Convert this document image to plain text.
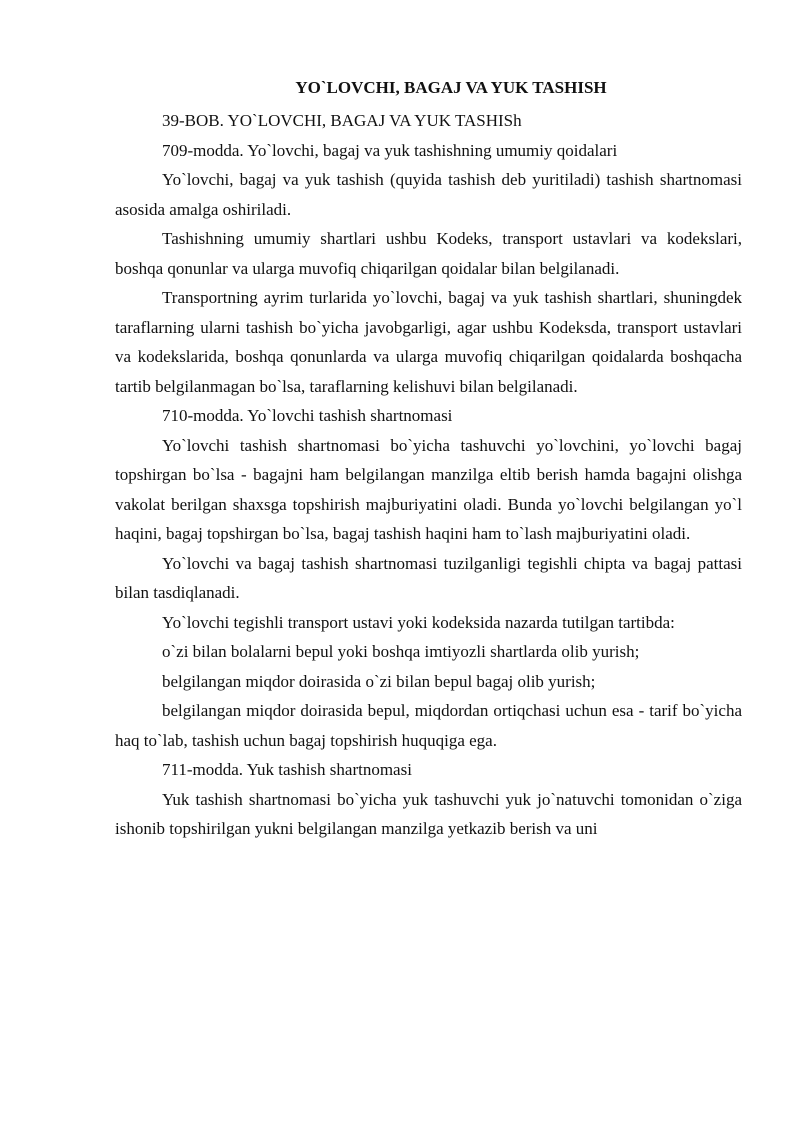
YO`LOVCHI, BAGAJ VA YUK TASHISH

39-BOB. YO`LOVCHI, BAGAJ VA YUK TASHISh

709-modda. Yo`lovchi, bagaj va yuk tashishning umumiy qoidalari

Yo`lovchi, bagaj va yuk tashish (quyida tashish deb yuritiladi) tashish shartnomasi asosida amalga oshiriladi.

Tashishning umumiy shartlari ushbu Kodeks, transport ustavlari va kodekslari, boshqa qonunlar va ularga muvofiq chiqarilgan qoidalar bilan belgilanadi.

Transportning ayrim turlarida yo`lovchi, bagaj va yuk tashish shartlari, shuningdek taraflarning ularni tashish bo`yicha javobgarligi, agar ushbu Kodeksda, transport ustavlari va kodekslarida, boshqa qonunlarda va ularga muvofiq chiqarilgan qoidalarda boshqacha tartib belgilanmagan bo`lsa, taraflarning kelishuvi bilan belgilanadi.

710-modda. Yo`lovchi tashish shartnomasi

Yo`lovchi tashish shartnomasi bo`yicha tashuvchi yo`lovchini, yo`lovchi bagaj topshirgan bo`lsa - bagajni ham belgilangan manzilga eltib berish hamda bagajni olishga vakolat berilgan shaxsga topshirish majburiyatini oladi. Bunda yo`lovchi belgilangan yo`l haqini, bagaj topshirgan bo`lsa, bagaj tashish haqini ham to`lash majburiyatini oladi.

Yo`lovchi va bagaj tashish shartnomasi tuzilganligi tegishli chipta va bagaj pattasi bilan tasdiqlanadi.

Yo`lovchi tegishli transport ustavi yoki kodeksida nazarda tutilgan tartibda:

o`zi bilan bolalarni bepul yoki boshqa imtiyozli shartlarda olib yurish;

belgilangan miqdor doirasida o`zi bilan bepul bagaj olib yurish;

belgilangan miqdor doirasida bepul, miqdordan ortiqchasi uchun esa - tarif bo`yicha haq to`lab, tashish uchun bagaj topshirish huquqiga ega.

711-modda. Yuk tashish shartnomasi

Yuk tashish shartnomasi bo`yicha yuk tashuvchi yuk jo`natuvchi tomonidan o`ziga ishonib topshirilgan yukni belgilangan manzilga yetkazib berish va uni
